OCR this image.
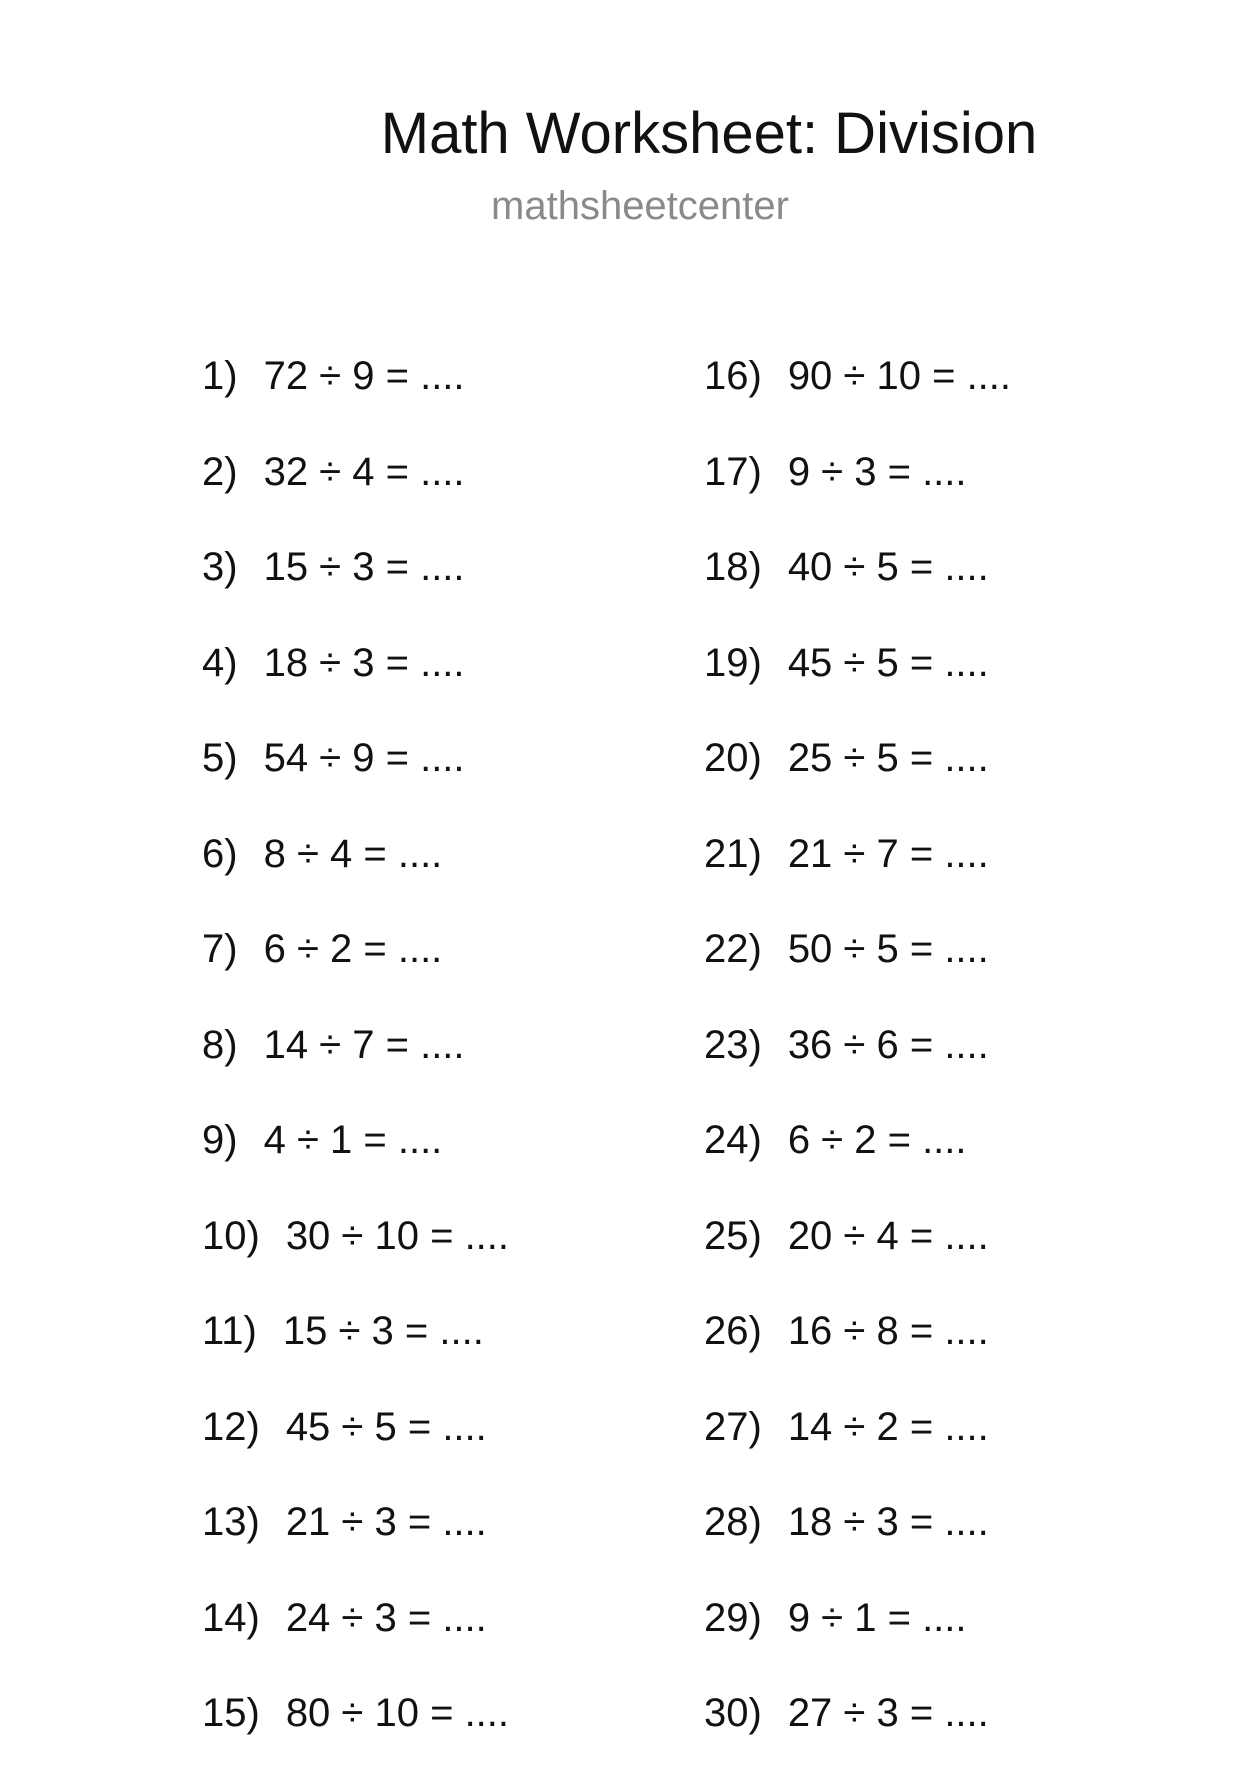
Math Worksheet: Division
mathsheetcenter
1) 72 ÷ 9 = ....
2) 32 ÷ 4 = ....
3) 15 ÷ 3 = ....
4) 18 ÷ 3 = ....
5) 54 ÷ 9 = ....
6) 8 ÷ 4 = ....
7) 6 ÷ 2 = ....
8) 14 ÷ 7 = ....
9) 4 ÷ 1 = ....
10) 30 ÷ 10 = ....
11) 15 ÷ 3 = ....
12) 45 ÷ 5 = ....
13) 21 ÷ 3 = ....
14) 24 ÷ 3 = ....
15) 80 ÷ 10 = ....
16) 90 ÷ 10 = ....
17) 9 ÷ 3 = ....
18) 40 ÷ 5 = ....
19) 45 ÷ 5 = ....
20) 25 ÷ 5 = ....
21) 21 ÷ 7 = ....
22) 50 ÷ 5 = ....
23) 36 ÷ 6 = ....
24) 6 ÷ 2 = ....
25) 20 ÷ 4 = ....
26) 16 ÷ 8 = ....
27) 14 ÷ 2 = ....
28) 18 ÷ 3 = ....
29) 9 ÷ 1 = ....
30) 27 ÷ 3 = ....
